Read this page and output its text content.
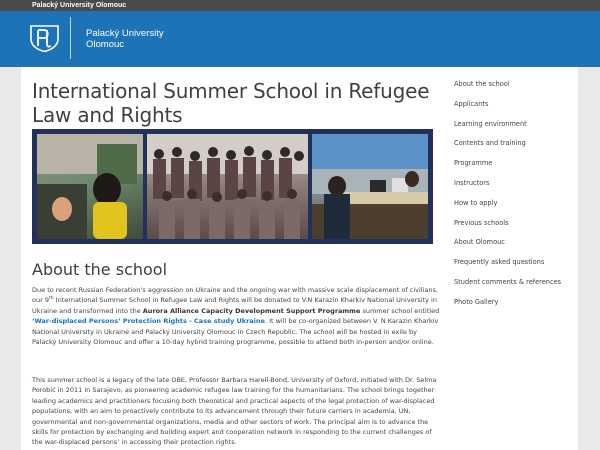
Palacký University Olomouc
Palacký University
Olomouc
International Summer School in Refugee Law and Rights
About the school

Due to recent Russian Federation’s aggression on Ukraine and the ongoing war with massive scale displacement of civilians, our 9th International Summer School in Refugee Law and Rights will be donated to V.N Karazin Kharkiv National University in Ukraine and transformed into the Aurora Alliance Capacity Development Support Programme summer school entitled ‘War-displaced Persons’ Protection Rights - Case study Ukraine. It will be co-organized between V. N Karazin Kharkiv National University in Ukraine and Palacký University Olomouc in Czech Republic. The school will be hosted in exile by Palacký University Olomouc and offer a 10-day hybrid training programme, possible to attend both in-person and/or online.

This summer school is a legacy of the late OBE, Professor Barbara Harell-Bond, University of Oxford, initiated with Dr. Selma Porobić in 2011 in Sarajevo, as pioneering academic refugee law training for the humanitarians. The school brings together leading academics and practitioners focusing both theoretical and practical aspects of the legal protection of war-displaced populations, with an aim to proactively contribute to its advancement through their future carriers in academia, UN, governmental and non-governmental organizations, media and other sectors of work. The principal aim is to advance the skills for protection by exchanging and building expert and cooperation network in responding to the current challenges of the war-displaced persons’ in accessing their protection rights.

About the school
Applicants
Learning environment
Contents and training
Programme
Instructors
How to apply
Previous schools
About Olomouc
Frequently asked questions
Student comments & references
Photo Gallery
